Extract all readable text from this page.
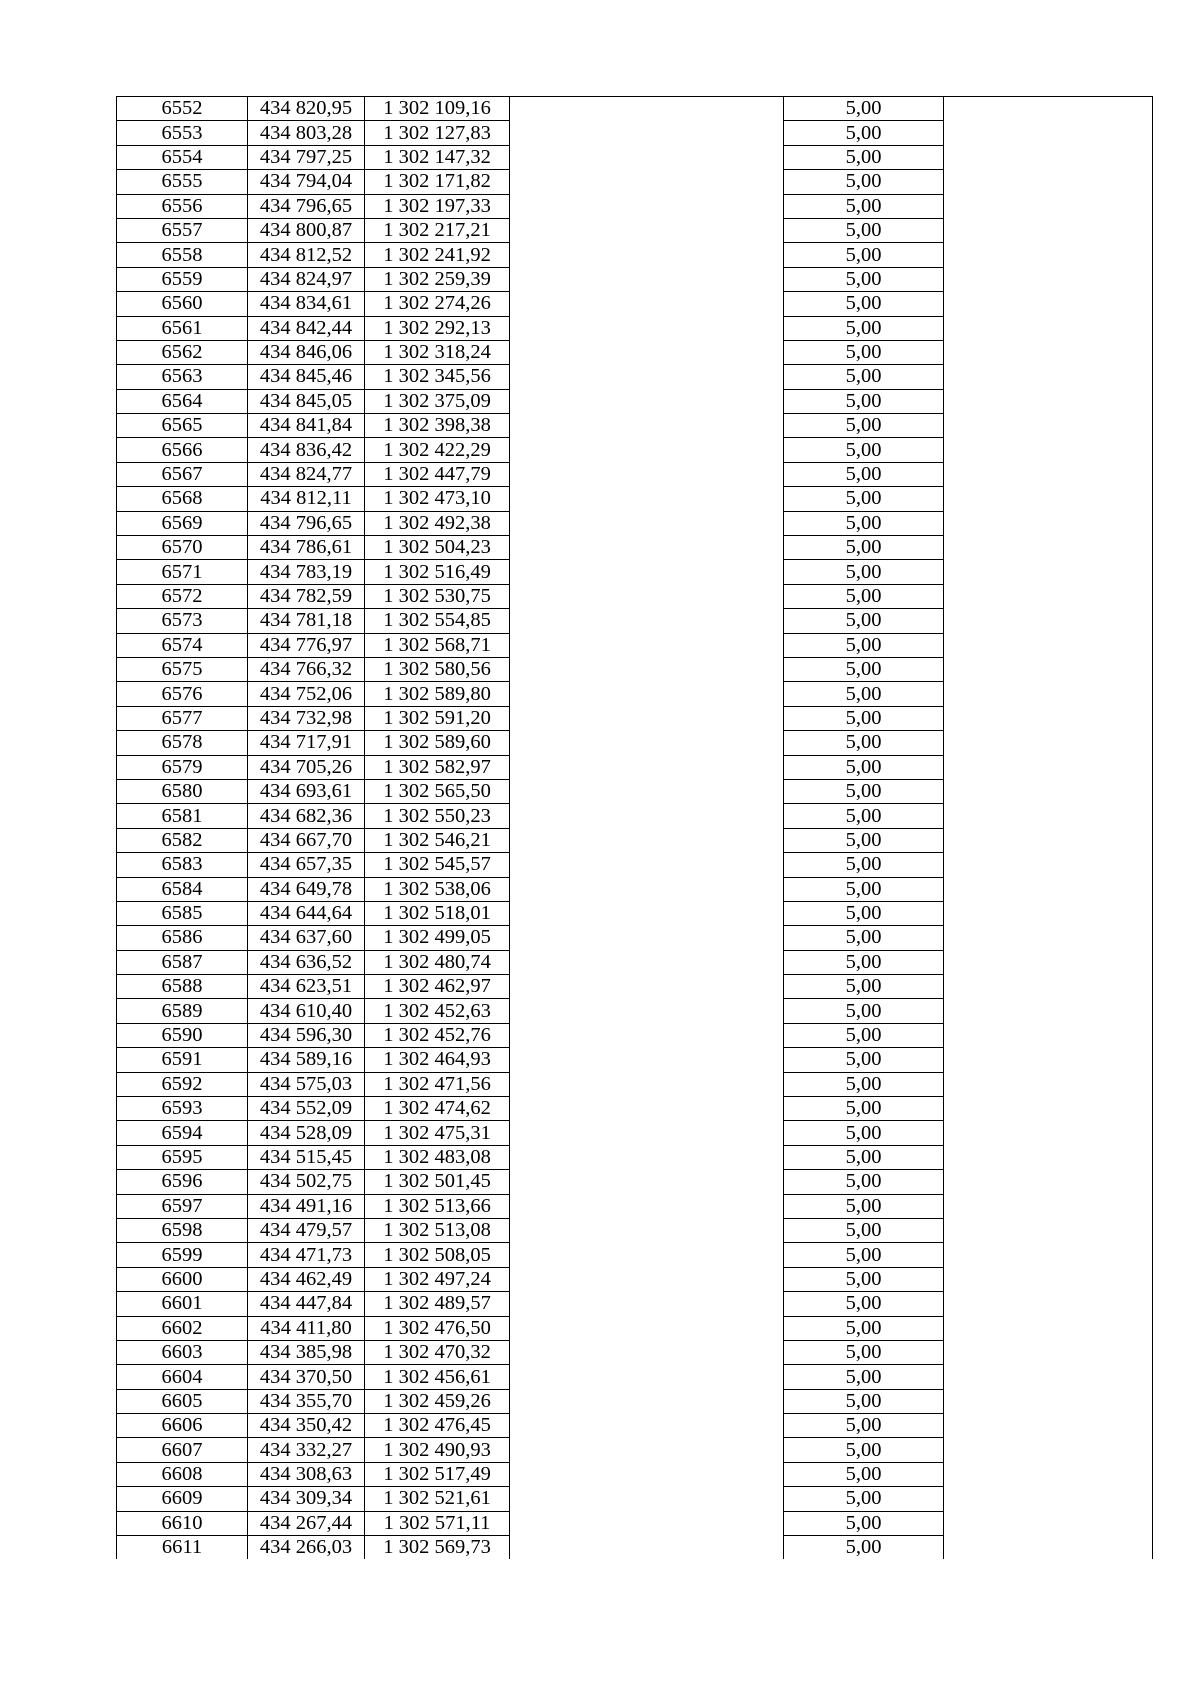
6552	434 820,95	1 302 109,16		5,00	
6553	434 803,28	1 302 127,83		5,00	
6554	434 797,25	1 302 147,32		5,00	
6555	434 794,04	1 302 171,82		5,00	
6556	434 796,65	1 302 197,33		5,00	
6557	434 800,87	1 302 217,21		5,00	
6558	434 812,52	1 302 241,92		5,00	
6559	434 824,97	1 302 259,39		5,00	
6560	434 834,61	1 302 274,26		5,00	
6561	434 842,44	1 302 292,13		5,00	
6562	434 846,06	1 302 318,24		5,00	
6563	434 845,46	1 302 345,56		5,00	
6564	434 845,05	1 302 375,09		5,00	
6565	434 841,84	1 302 398,38		5,00	
6566	434 836,42	1 302 422,29		5,00	
6567	434 824,77	1 302 447,79		5,00	
6568	434 812,11	1 302 473,10		5,00	
6569	434 796,65	1 302 492,38		5,00	
6570	434 786,61	1 302 504,23		5,00	
6571	434 783,19	1 302 516,49		5,00	
6572	434 782,59	1 302 530,75		5,00	
6573	434 781,18	1 302 554,85		5,00	
6574	434 776,97	1 302 568,71		5,00	
6575	434 766,32	1 302 580,56		5,00	
6576	434 752,06	1 302 589,80		5,00	
6577	434 732,98	1 302 591,20		5,00	
6578	434 717,91	1 302 589,60		5,00	
6579	434 705,26	1 302 582,97		5,00	
6580	434 693,61	1 302 565,50		5,00	
6581	434 682,36	1 302 550,23		5,00	
6582	434 667,70	1 302 546,21		5,00	
6583	434 657,35	1 302 545,57		5,00	
6584	434 649,78	1 302 538,06		5,00	
6585	434 644,64	1 302 518,01		5,00	
6586	434 637,60	1 302 499,05		5,00	
6587	434 636,52	1 302 480,74		5,00	
6588	434 623,51	1 302 462,97		5,00	
6589	434 610,40	1 302 452,63		5,00	
6590	434 596,30	1 302 452,76		5,00	
6591	434 589,16	1 302 464,93		5,00	
6592	434 575,03	1 302 471,56		5,00	
6593	434 552,09	1 302 474,62		5,00	
6594	434 528,09	1 302 475,31		5,00	
6595	434 515,45	1 302 483,08		5,00	
6596	434 502,75	1 302 501,45		5,00	
6597	434 491,16	1 302 513,66		5,00	
6598	434 479,57	1 302 513,08		5,00	
6599	434 471,73	1 302 508,05		5,00	
6600	434 462,49	1 302 497,24		5,00	
6601	434 447,84	1 302 489,57		5,00	
6602	434 411,80	1 302 476,50		5,00	
6603	434 385,98	1 302 470,32		5,00	
6604	434 370,50	1 302 456,61		5,00	
6605	434 355,70	1 302 459,26		5,00	
6606	434 350,42	1 302 476,45		5,00	
6607	434 332,27	1 302 490,93		5,00	
6608	434 308,63	1 302 517,49		5,00	
6609	434 309,34	1 302 521,61		5,00	
6610	434 267,44	1 302 571,11		5,00	
6611	434 266,03	1 302 569,73		5,00	
